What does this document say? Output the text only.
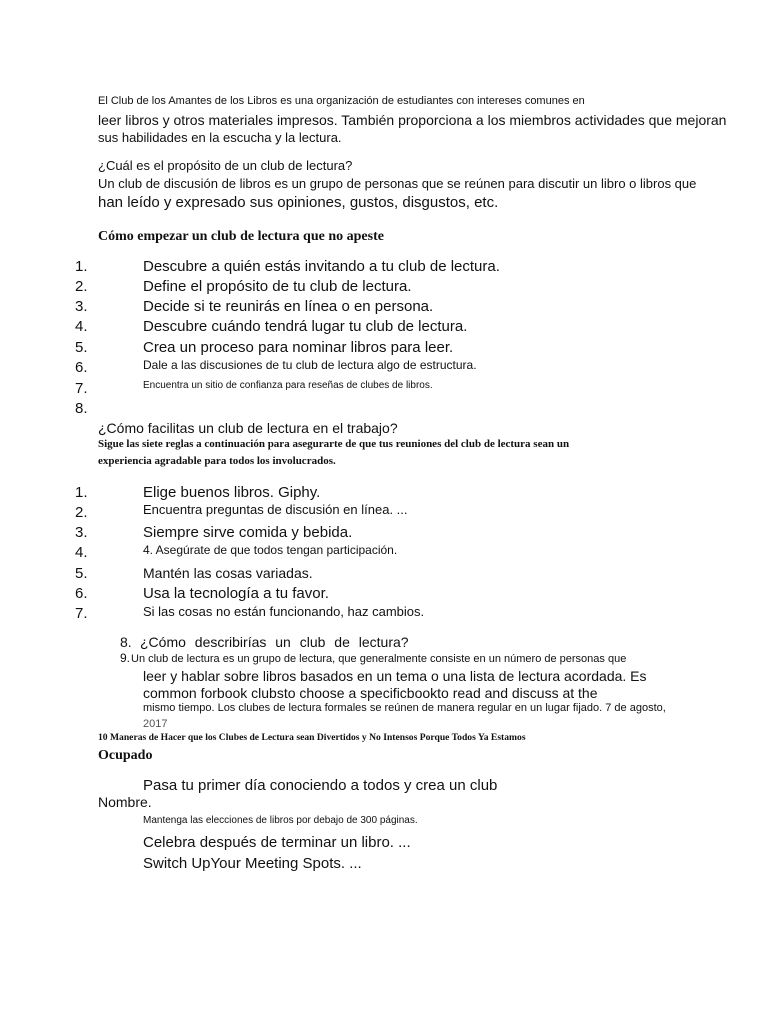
El Club de los Amantes de los Libros es una organización de estudiantes con intereses comunes en
leer libros y otros materiales impresos. También proporciona a los miembros actividades que mejoran
sus habilidades en la escucha y la lectura.
¿Cuál es el propósito de un club de lectura?
Un club de discusión de libros es un grupo de personas que se reúnen para discutir un libro o libros que
han leído y expresado sus opiniones, gustos, disgustos, etc.
Cómo empezar un club de lectura que no apeste
1.
2.
3.
4.
5.
6.
7.
8.
Descubre a quién estás invitando a tu club de lectura.
Define el propósito de tu club de lectura.
Decide si te reunirás en línea o en persona.
Descubre cuándo tendrá lugar tu club de lectura.
Crea un proceso para nominar libros para leer.
Dale a las discusiones de tu club de lectura algo de estructura.
Encuentra un sitio de confianza para reseñas de clubes de libros.
¿Cómo facilitas un club de lectura en el trabajo?
Sigue las siete reglas a continuación para asegurarte de que tus reuniones del club de lectura sean un
experiencia agradable para todos los involucrados.
1.
2.
3.
4.
5.
6.
7.
Elige buenos libros. Giphy.
Encuentra preguntas de discusión en línea. ...
Siempre sirve comida y bebida.
4. Asegúrate de que todos tengan participación.
Mantén las cosas variadas.
Usa la tecnología a tu favor.
Si las cosas no están funcionando, haz cambios.
8. ¿Cómo describirías un club de lectura?
9. Un club de lectura es un grupo de lectura, que generalmente consiste en un número de personas que
leer y hablar sobre libros basados en un tema o una lista de lectura acordada. Es
common forbook clubsto choose a specificbookto read and discuss at the
mismo tiempo. Los clubes de lectura formales se reúnen de manera regular en un lugar fijado. 7 de agosto,
2017
10 Maneras de Hacer que los Clubes de Lectura sean Divertidos y No Intensos Porque Todos Ya Estamos
Ocupado
Pasa tu primer día conociendo a todos y crea un club
Nombre.
Mantenga las elecciones de libros por debajo de 300 páginas.
Celebra después de terminar un libro. ...
Switch UpYour Meeting Spots. ...
